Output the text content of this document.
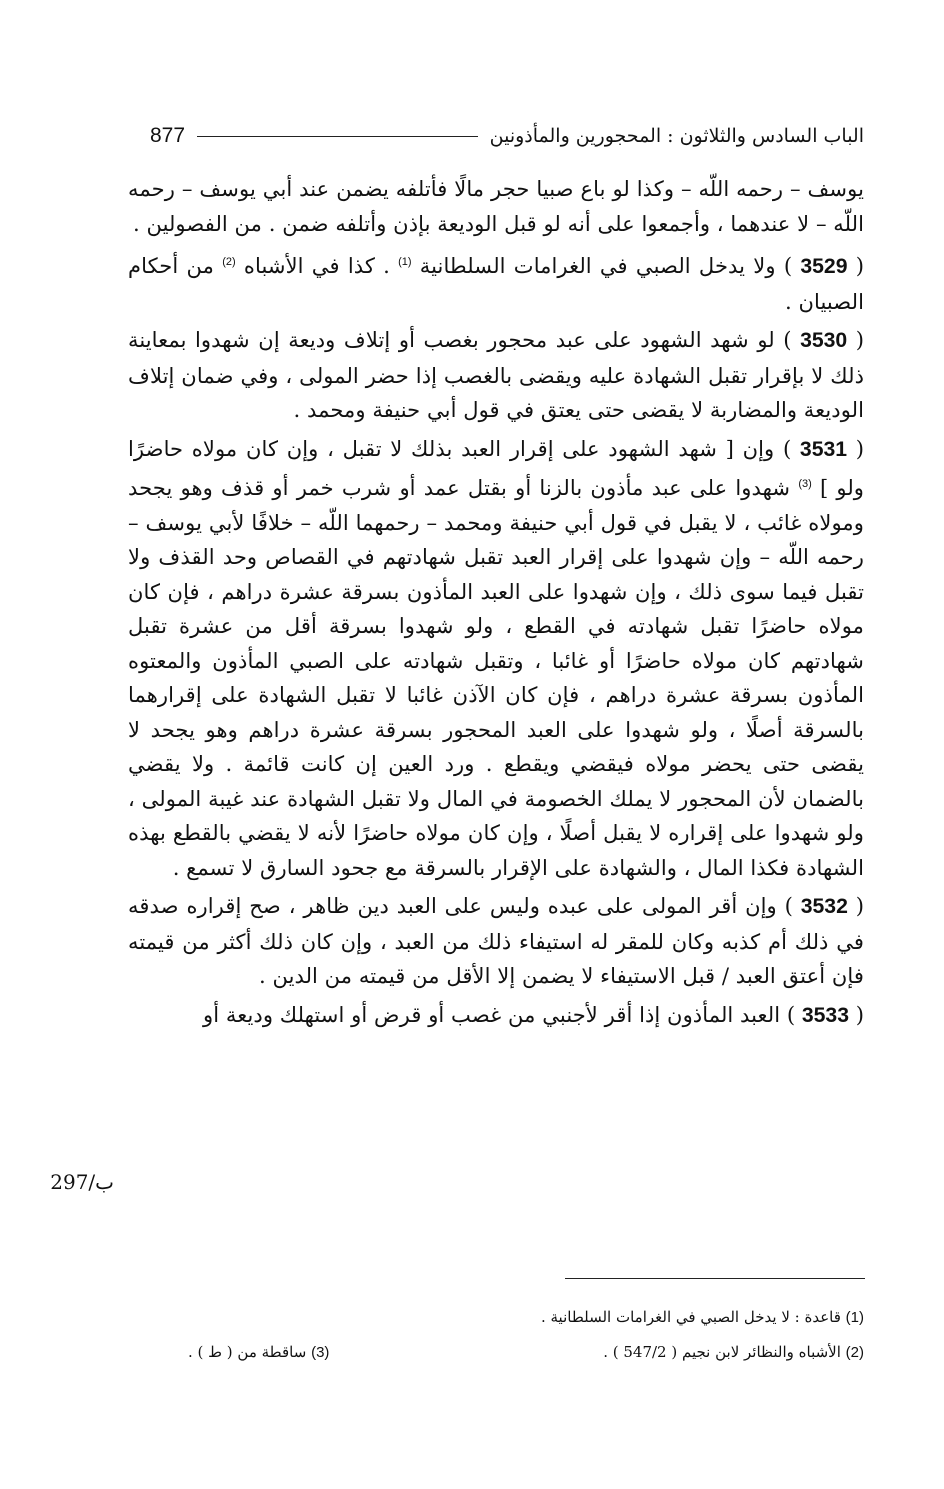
الباب السادس والثلاثون : المحجورين والمأذونين
877

يوسف – رحمه اللّه – وكذا لو باع صبيا حجر مالًا فأتلفه يضمن عند أبي يوسف – رحمه اللّه – لا عندهما ، وأجمعوا على أنه لو قبل الوديعة بإذن وأتلفه ضمن . من الفصولين .

( 3529 ) ولا يدخل الصبي في الغرامات السلطانية $^{(1)}$ . كذا في الأشباه $^{(2)}$ من أحكام الصبيان .

( 3530 ) لو شهد الشهود على عبد محجور بغصب أو إتلاف وديعة إن شهدوا بمعاينة ذلك لا بإقرار تقبل الشهادة عليه ويقضى بالغصب إذا حضر المولى ، وفي ضمان إتلاف الوديعة والمضاربة لا يقضى حتى يعتق في قول أبي حنيفة ومحمد .

( 3531 ) وإن [ شهد الشهود على إقرار العبد بذلك لا تقبل ، وإن كان مولاه حاضرًا ولو ] $^{(3)}$ شهدوا على عبد مأذون بالزنا أو بقتل عمد أو شرب خمر أو قذف وهو يجحد ومولاه غائب ، لا يقبل في قول أبي حنيفة ومحمد – رحمهما اللّه – خلافًا لأبي يوسف – رحمه اللّه – وإن شهدوا على إقرار العبد تقبل شهادتهم في القصاص وحد القذف ولا تقبل فيما سوى ذلك ، وإن شهدوا على العبد المأذون بسرقة عشرة دراهم ، فإن كان مولاه حاضرًا تقبل شهادته في القطع ، ولو شهدوا بسرقة أقل من عشرة تقبل شهادتهم كان مولاه حاضرًا أو غائبا ، وتقبل شهادته على الصبي المأذون والمعتوه المأذون بسرقة عشرة دراهم ، فإن كان الآذن غائبا لا تقبل الشهادة على إقرارهما بالسرقة أصلًا ، ولو شهدوا على العبد المحجور بسرقة عشرة دراهم وهو يجحد لا يقضى حتى يحضر مولاه فيقضي ويقطع . ورد العين إن كانت قائمة . ولا يقضي بالضمان لأن المحجور لا يملك الخصومة في المال ولا تقبل الشهادة عند غيبة المولى ، ولو شهدوا على إقراره لا يقبل أصلًا ، وإن كان مولاه حاضرًا لأنه لا يقضي بالقطع بهذه الشهادة فكذا المال ، والشهادة على الإقرار بالسرقة مع جحود السارق لا تسمع .

( 3532 ) وإن أقر المولى على عبده وليس على العبد دين ظاهر ، صح إقراره صدقه في ذلك أم كذبه وكان للمقر له استيفاء ذلك من العبد ، وإن كان ذلك أكثر من قيمته فإن أعتق العبد / قبل الاستيفاء لا يضمن إلا الأقل من قيمته من الدين .

( 3533 ) العبد المأذون إذا أقر لأجنبي من غصب أو قرض أو استهلك وديعة أو

297/ب
(1) قاعدة : لا يدخل الصبي في الغرامات السلطانية .
(2) الأشباه والنظائر لابن نجيم ( 547/2 ) .
(3) ساقطة من ( ط ) .
